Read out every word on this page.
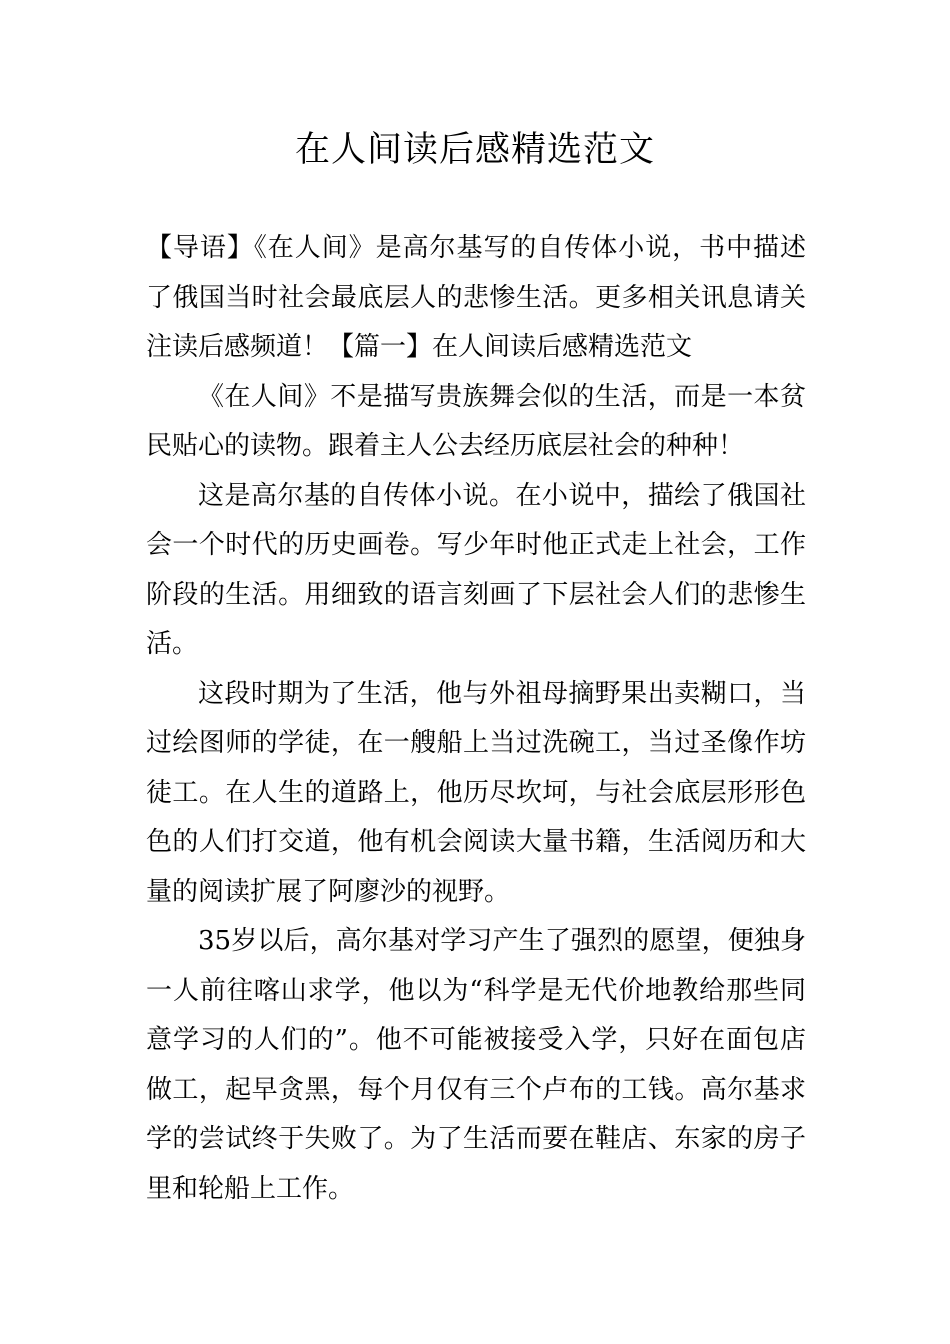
在人间读后感精选范文

【导语】《在人间》是高尔基写的自传体小说，书中描述了俄国当时社会最底层人的悲惨生活。更多相关讯息请关注读后感频道！【篇一】在人间读后感精选范文

《在人间》不是描写贵族舞会似的生活，而是一本贫民贴心的读物。跟着主人公去经历底层社会的种种！

这是高尔基的自传体小说。在小说中，描绘了俄国社会一个时代的历史画卷。写少年时他正式走上社会，工作阶段的生活。用细致的语言刻画了下层社会人们的悲惨生活。

这段时期为了生活，他与外祖母摘野果出卖糊口，当过绘图师的学徒，在一艘船上当过洗碗工，当过圣像作坊徒工。在人生的道路上，他历尽坎坷，与社会底层形形色色的人们打交道，他有机会阅读大量书籍，生活阅历和大量的阅读扩展了阿廖沙的视野。

35岁以后，高尔基对学习产生了强烈的愿望，便独身一人前往喀山求学，他以为“科学是无代价地教给那些同意学习的人们的”。他不可能被接受入学，只好在面包店做工，起早贪黑，每个月仅有三个卢布的工钱。高尔基求学的尝试终于失败了。为了生活而要在鞋店、东家的房子里和轮船上工作。
